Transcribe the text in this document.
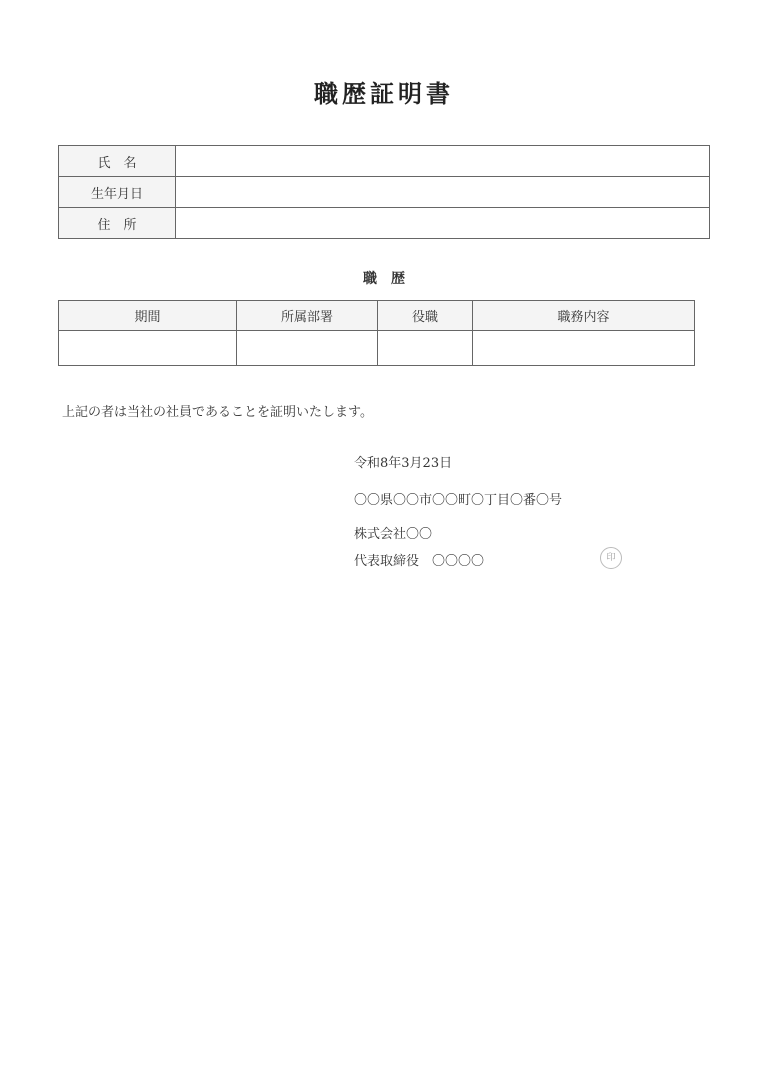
職歴証明書
氏　名	
生年月日	
住　所	
職歴
期間	所属部署	役職	職務内容

上記の者は当社の社員であることを証明いたします。
令和8年3月23日
〇〇県〇〇市〇〇町〇丁目〇番〇号
株式会社〇〇
代表取締役　〇〇〇〇	印
